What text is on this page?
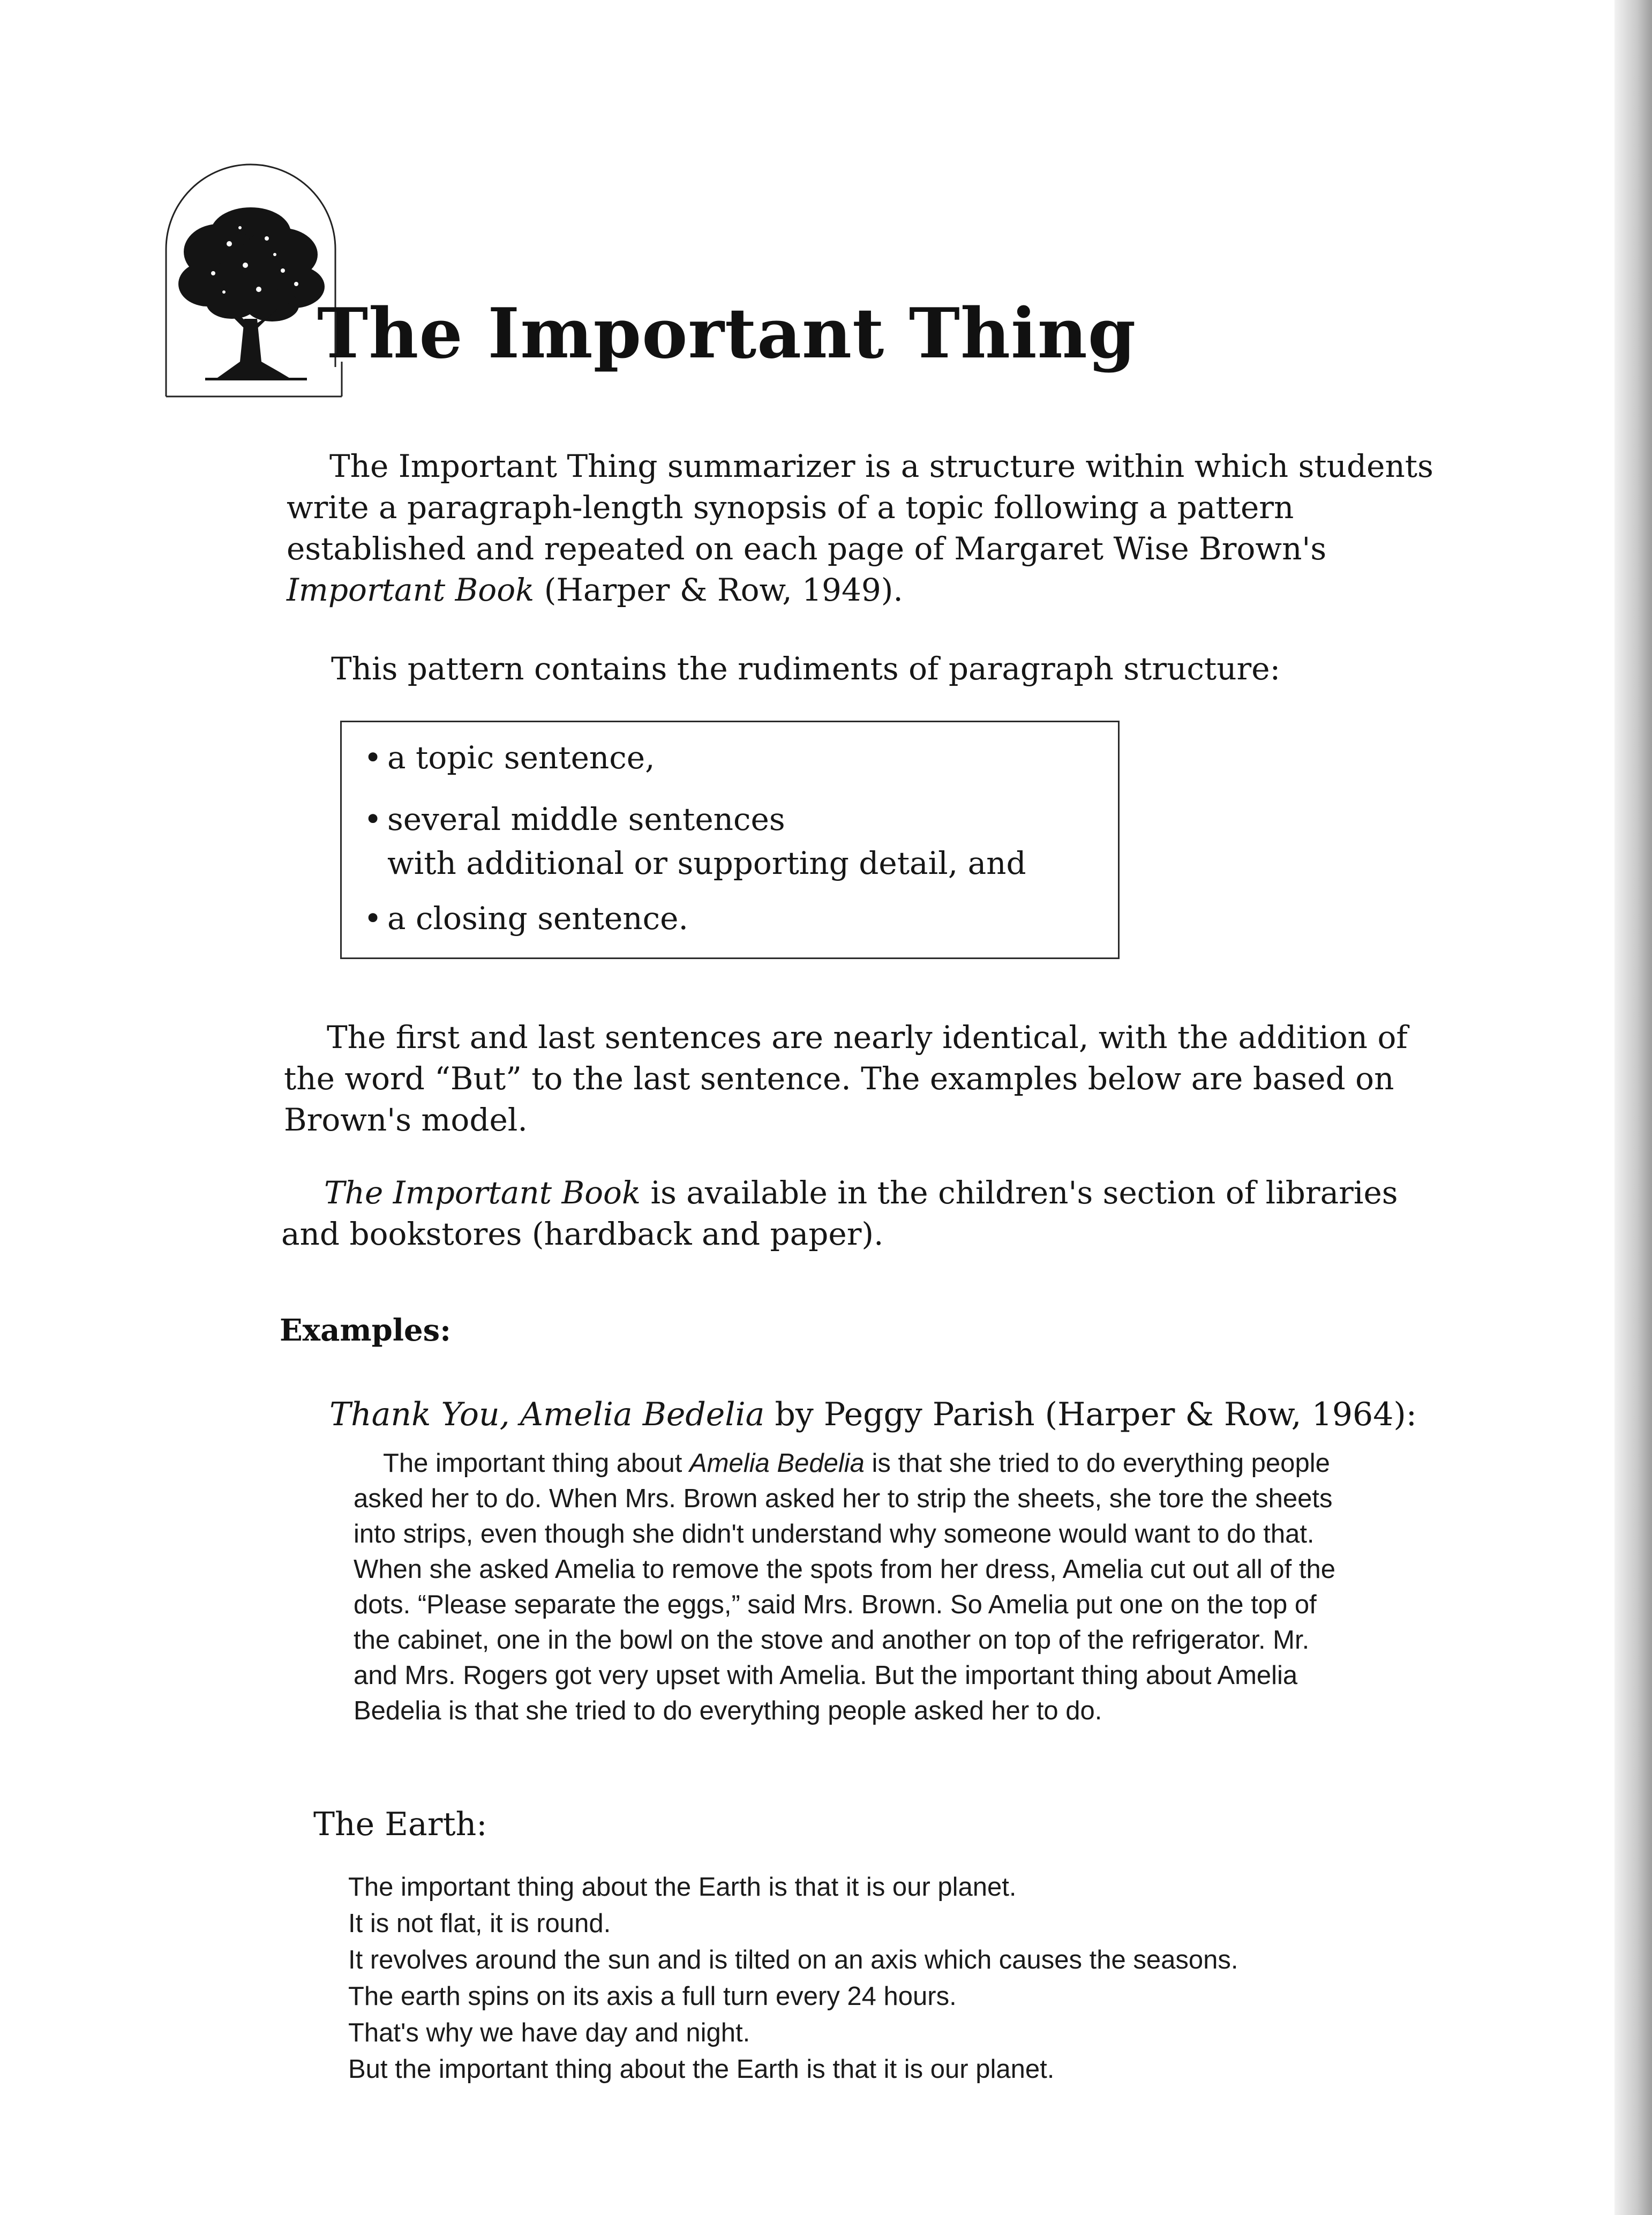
The Important Thing

The Important Thing summarizer is a structure within which students write a paragraph-length synopsis of a topic following a pattern established and repeated on each page of Margaret Wise Brown's Important Book (Harper & Row, 1949).

This pattern contains the rudiments of paragraph structure:

• a topic sentence,
• several middle sentences
with additional or supporting detail, and
• a closing sentence.

The first and last sentences are nearly identical, with the addition of the word “But” to the last sentence. The examples below are based on Brown's model.

The Important Book is available in the children's section of libraries and bookstores (hardback and paper).

Examples:

Thank You, Amelia Bedelia by Peggy Parish (Harper & Row, 1964):

The important thing about Amelia Bedelia is that she tried to do everything people asked her to do. When Mrs. Brown asked her to strip the sheets, she tore the sheets into strips, even though she didn't understand why someone would want to do that. When she asked Amelia to remove the spots from her dress, Amelia cut out all of the dots. “Please separate the eggs,” said Mrs. Brown. So Amelia put one on the top of the cabinet, one in the bowl on the stove and another on top of the refrigerator. Mr. and Mrs. Rogers got very upset with Amelia. But the important thing about Amelia Bedelia is that she tried to do everything people asked her to do.

The Earth:

The important thing about the Earth is that it is our planet.
It is not flat, it is round.
It revolves around the sun and is tilted on an axis which causes the seasons.
The earth spins on its axis a full turn every 24 hours.
That's why we have day and night.
But the important thing about the Earth is that it is our planet.
